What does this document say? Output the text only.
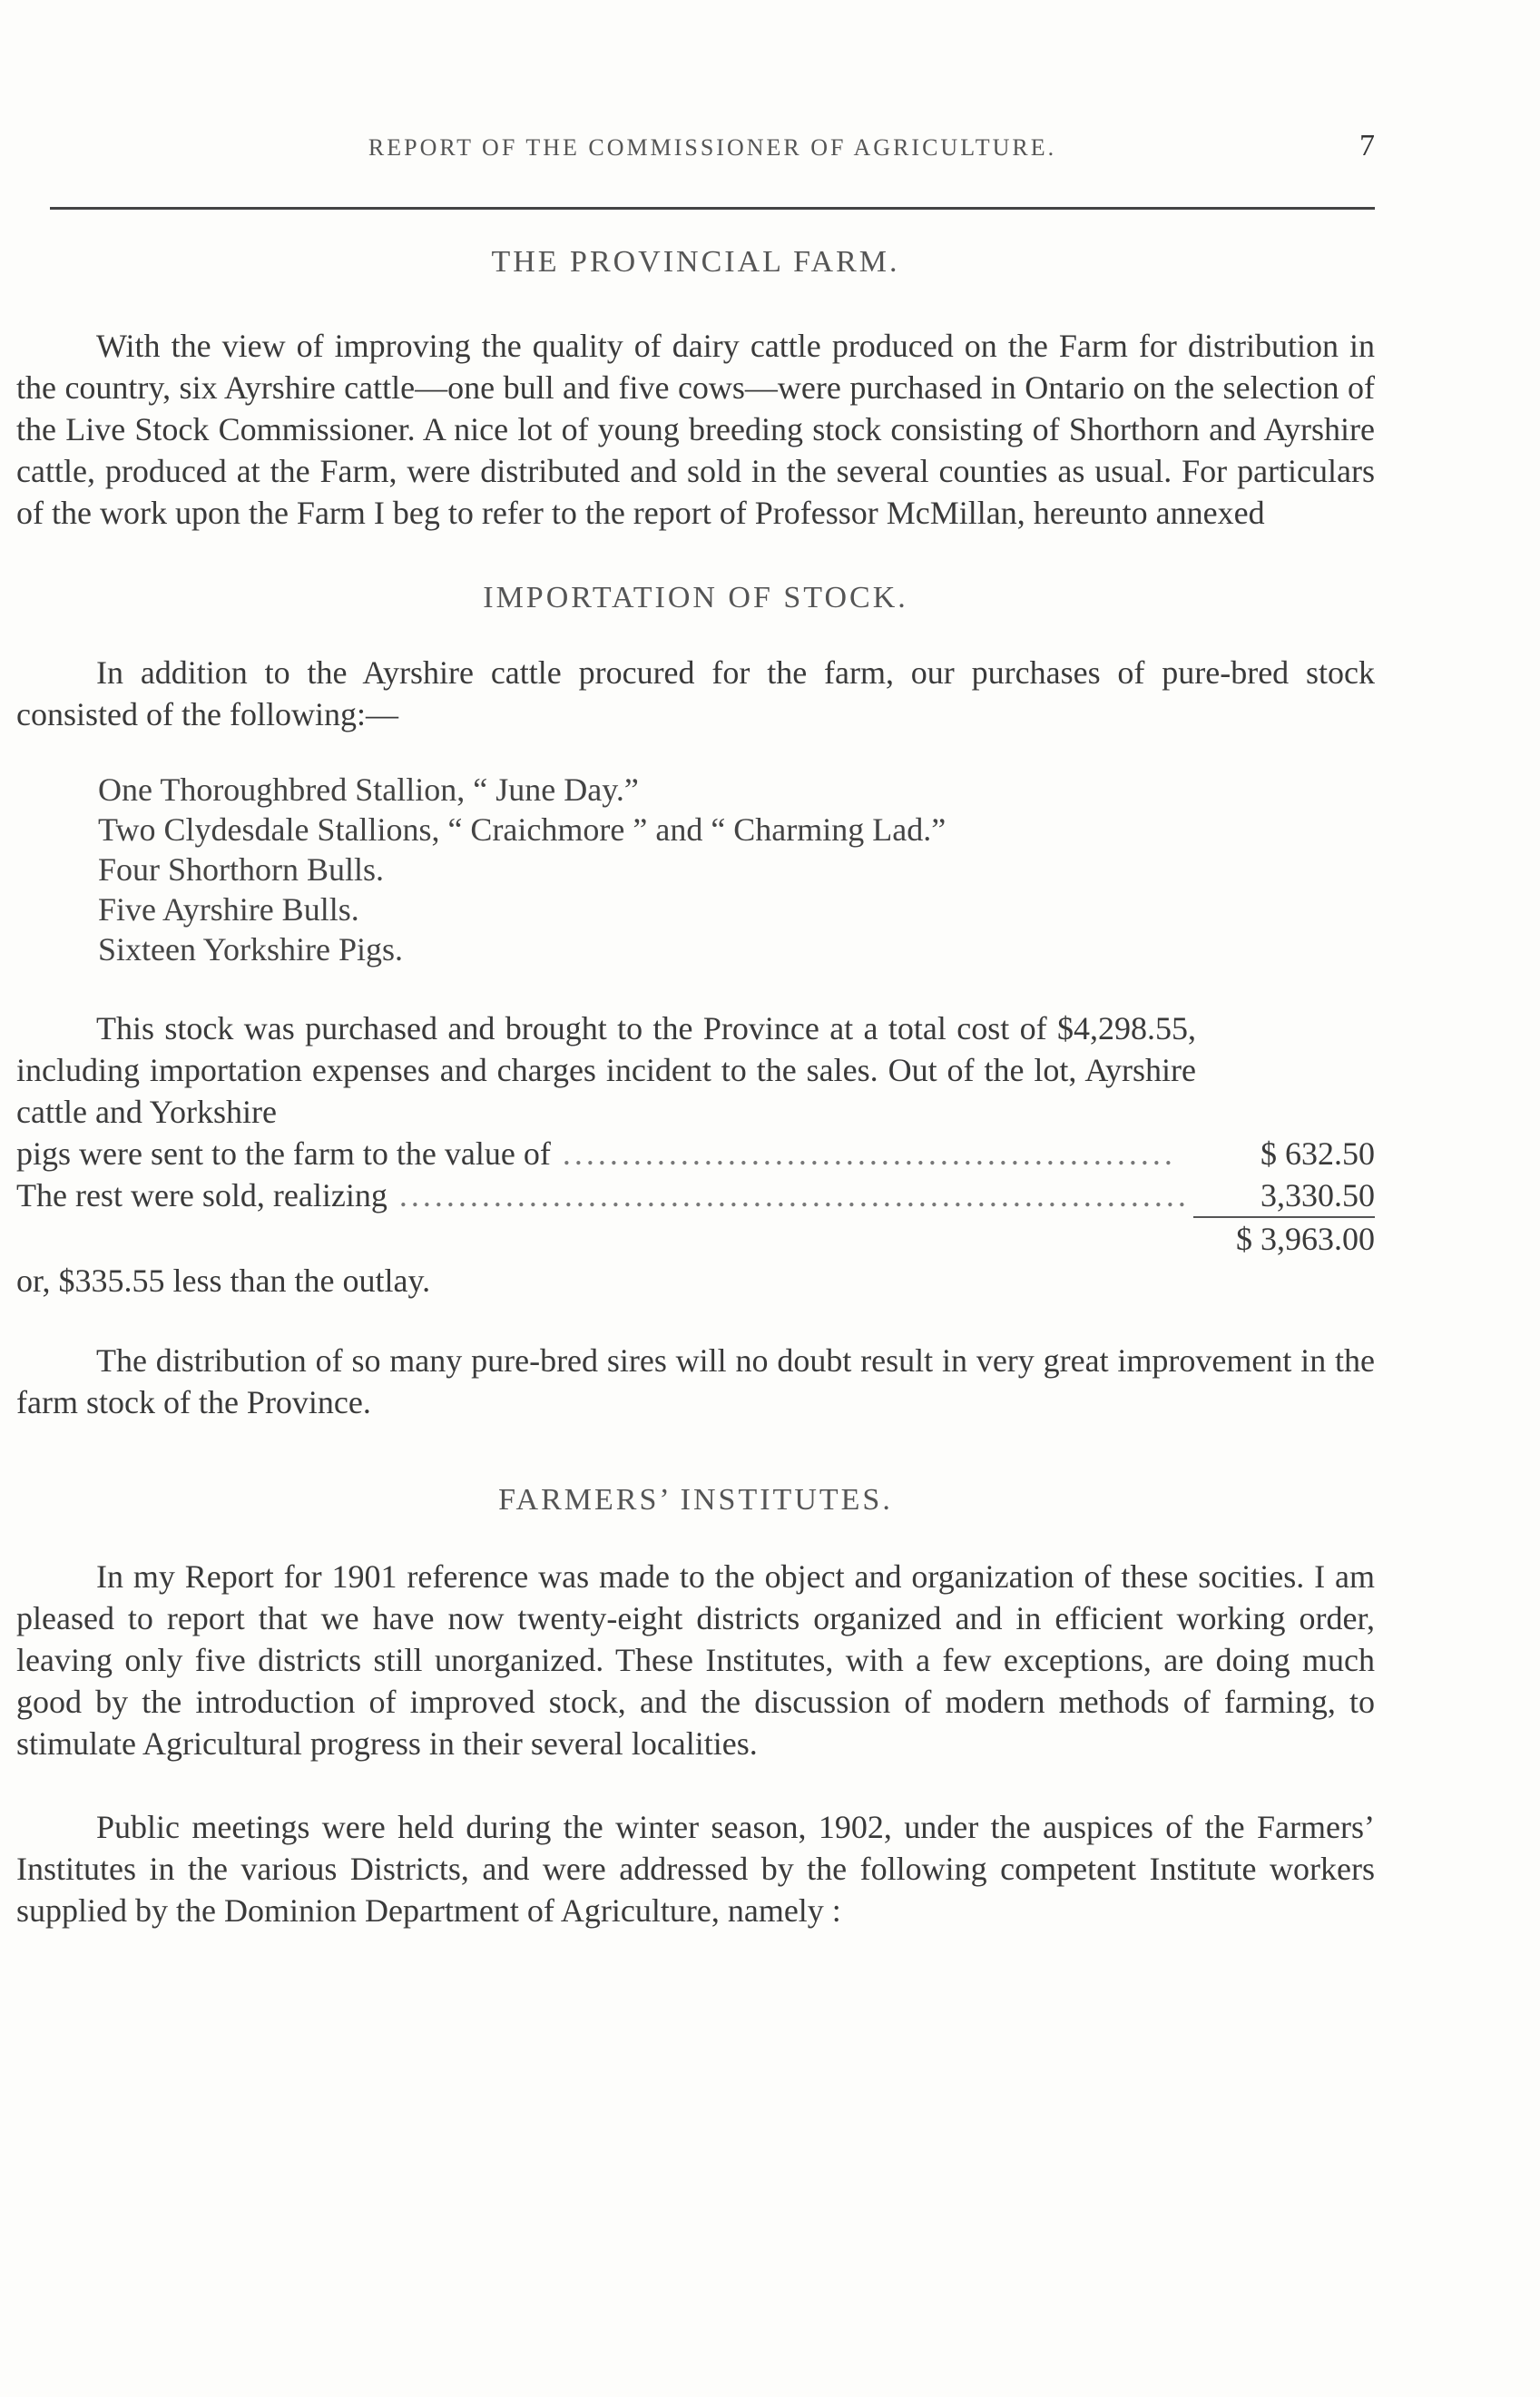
REPORT OF THE COMMISSIONER OF AGRICULTURE.	7
THE PROVINCIAL FARM.

With the view of improving the quality of dairy cattle produced on the Farm for distribution in the country, six Ayrshire cattle—one bull and five cows—were purchased in Ontario on the selection of the Live Stock Commissioner. A nice lot of young breeding stock consisting of Shorthorn and Ayrshire cattle, produced at the Farm, were distributed and sold in the several counties as usual. For particulars of the work upon the Farm I beg to refer to the report of Professor McMillan, hereunto annexed

IMPORTATION OF STOCK.

In addition to the Ayrshire cattle procured for the farm, our purchases of pure-bred stock consisted of the following:—

One Thoroughbred Stallion, “ June Day.”
Two Clydesdale Stallions, “ Craichmore ” and “ Charming Lad.”
Four Shorthorn Bulls.
Five Ayrshire Bulls.
Sixteen Yorkshire Pigs.

This stock was purchased and brought to the Province at a total cost of $4,298.55, including importation expenses and charges incident to the sales. Out of the lot, Ayrshire cattle and Yorkshire

pigs were sent to the farm to the value of ....................................................	$ 632.50
The rest were sold, realizing ...................................................................	3,330.50
$ 3,963.00

or, $335.55 less than the outlay.

The distribution of so many pure-bred sires will no doubt result in very great improvement in the farm stock of the Province.

FARMERS’ INSTITUTES.

In my Report for 1901 reference was made to the object and organization of these socities. I am pleased to report that we have now twenty-eight districts organized and in efficient working order, leaving only five districts still unorganized. These Institutes, with a few exceptions, are doing much good by the introduction of improved stock, and the discussion of modern methods of farming, to stimulate Agricultural progress in their several localities.

Public meetings were held during the winter season, 1902, under the auspices of the Farmers’ Institutes in the various Districts, and were addressed by the following competent Institute workers supplied by the Dominion Department of Agriculture, namely :
